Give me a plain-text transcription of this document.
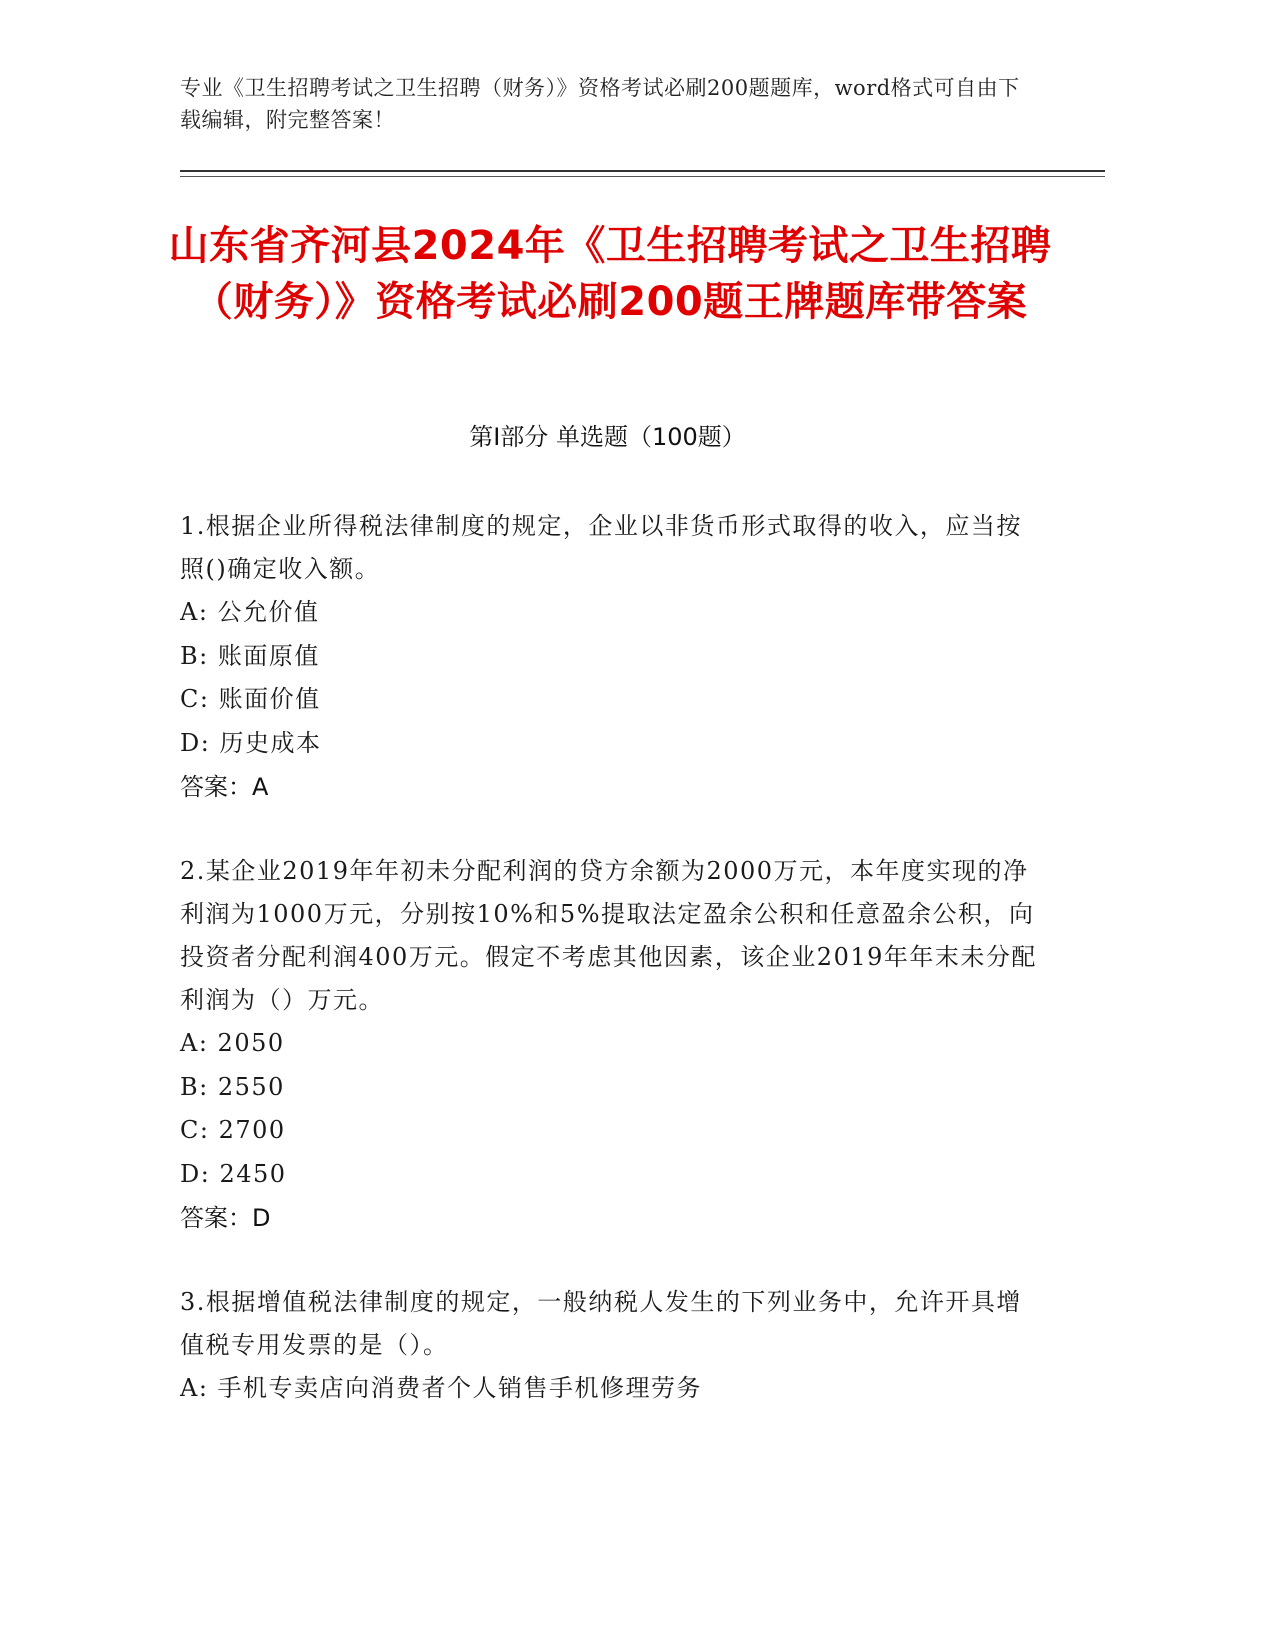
专业《卫生招聘考试之卫生招聘（财务）》资格考试必刷200题题库，word格式可自由下载编辑，附完整答案！
山东省齐河县2024年《卫生招聘考试之卫生招聘（财务）》资格考试必刷200题王牌题库带答案
第Ⅰ部分 单选题（100题）

1.根据企业所得税法律制度的规定，企业以非货币形式取得的收入，应当按照()确定收入额。

A: 公允价值

B: 账面原值

C: 账面价值

D: 历史成本

答案：A

2.某企业2019年年初未分配利润的贷方余额为2000万元，本年度实现的净利润为1000万元，分别按10%和5%提取法定盈余公积和任意盈余公积，向投资者分配利润400万元。假定不考虑其他因素，该企业2019年年末未分配利润为（）万元。

A: 2050

B: 2550

C: 2700

D: 2450

答案：D

3.根据增值税法律制度的规定，一般纳税人发生的下列业务中，允许开具增值税专用发票的是（）。

A: 手机专卖店向消费者个人销售手机修理劳务
